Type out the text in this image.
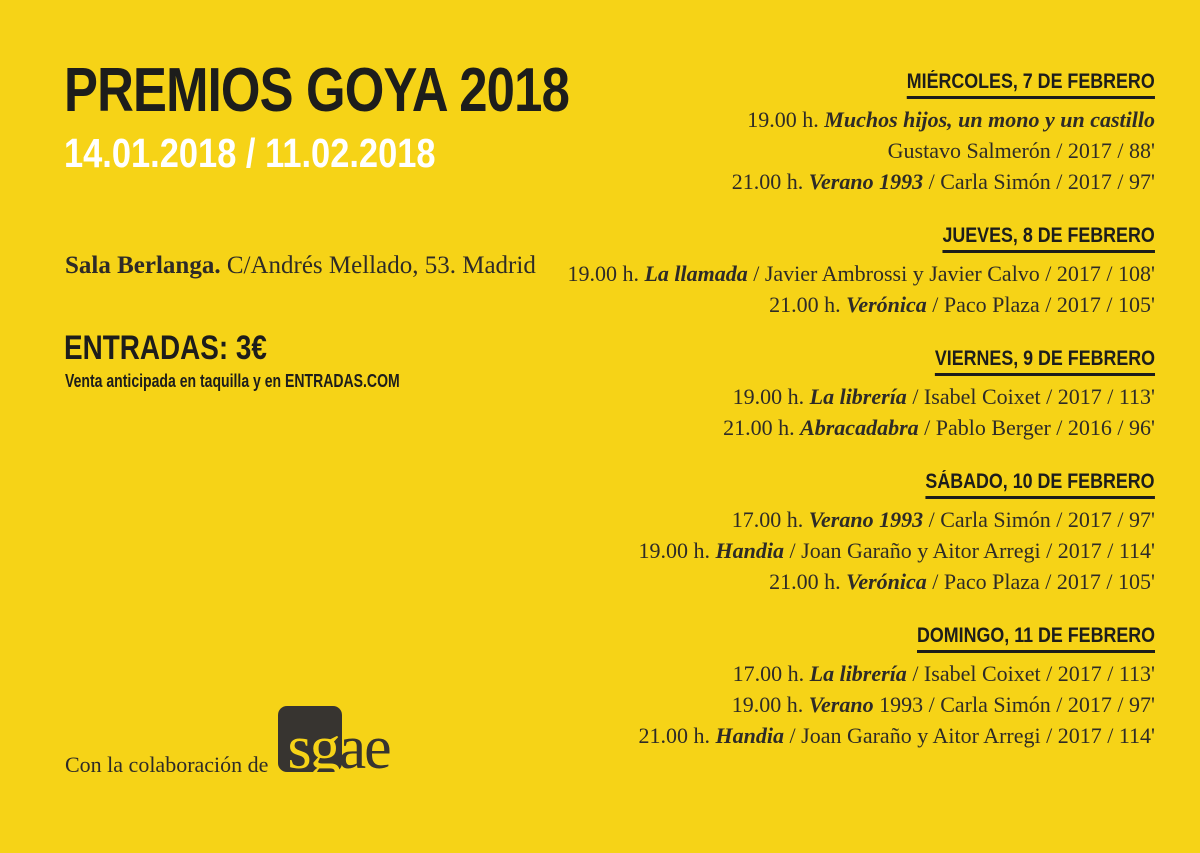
PREMIOS GOYA 2018
14.01.2018 / 11.02.2018

Sala Berlanga. C/Andrés Mellado, 53. Madrid

ENTRADAS: 3€
Venta anticipada en taquilla y en ENTRADAS.COM
Con la colaboración de sgae
MIÉRCOLES, 7 DE FEBRERO

19.00 h. Muchos hijos, un mono y un castillo

Gustavo Salmerón / 2017 / 88'

21.00 h. Verano 1993 / Carla Simón / 2017 / 97'

JUEVES, 8 DE FEBRERO

19.00 h. La llamada / Javier Ambrossi y Javier Calvo / 2017 / 108'

21.00 h. Verónica / Paco Plaza / 2017 / 105'

VIERNES, 9 DE FEBRERO

19.00 h. La librería / Isabel Coixet / 2017 / 113'

21.00 h. Abracadabra / Pablo Berger / 2016 / 96'

SÁBADO, 10 DE FEBRERO

17.00 h. Verano 1993 / Carla Simón / 2017 / 97'

19.00 h. Handia / Joan Garaño y Aitor Arregi / 2017 / 114'

21.00 h. Verónica / Paco Plaza / 2017 / 105'

DOMINGO, 11 DE FEBRERO

17.00 h. La librería / Isabel Coixet / 2017 / 113'

19.00 h. Verano 1993 / Carla Simón / 2017 / 97'

21.00 h. Handia / Joan Garaño y Aitor Arregi / 2017 / 114'
